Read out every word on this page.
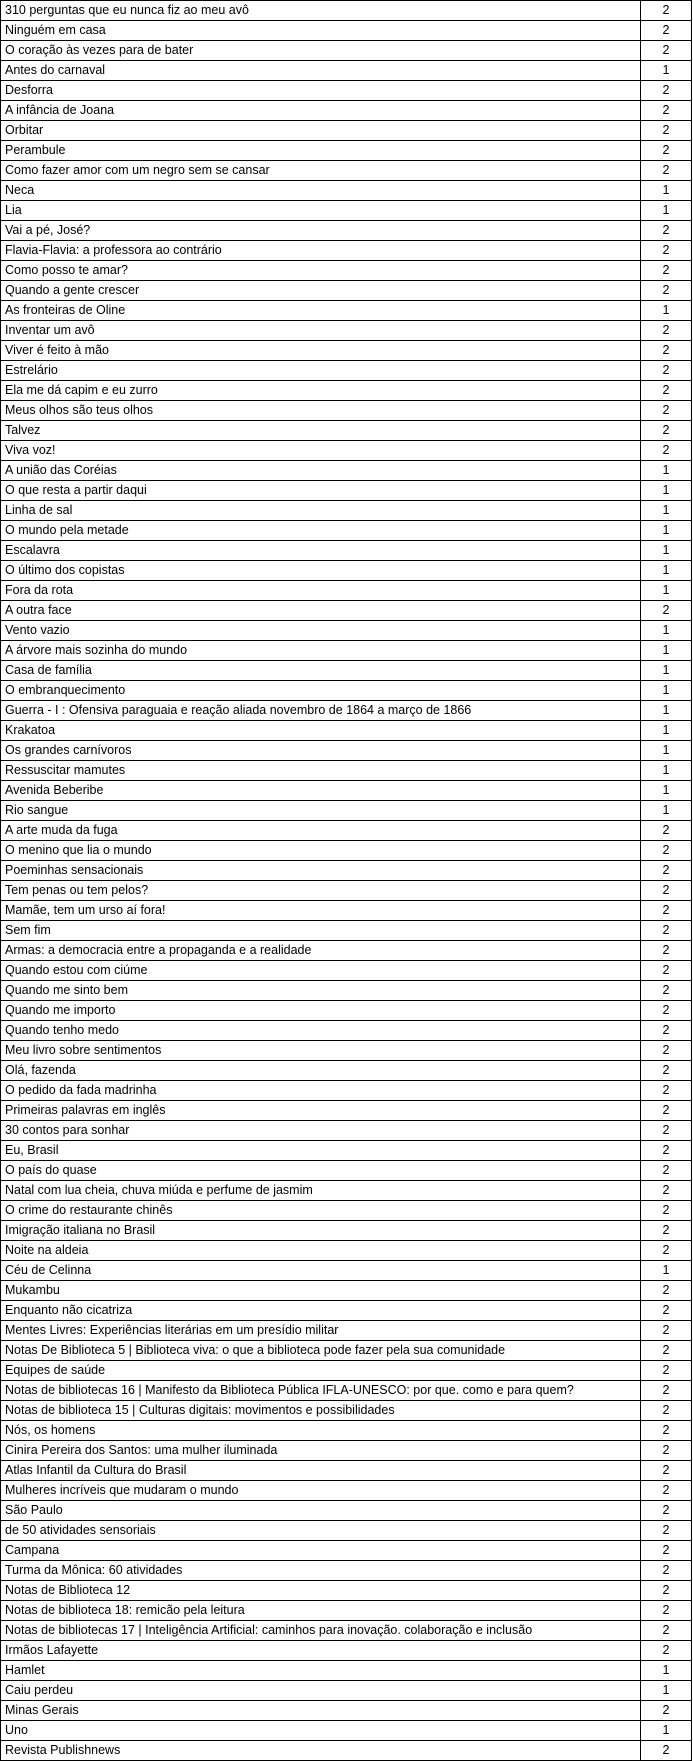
310 perguntas que eu nunca fiz ao meu avô	2
Ninguém em casa	2
O coração às vezes para de bater	2
Antes do carnaval	1
Desforra	2
A infância de Joana	2
Orbitar	2
Perambule	2
Como fazer amor com um negro sem se cansar	2
Neca	1
Lia	1
Vai a pé, José?	2
Flavia-Flavia: a professora ao contrário	2
Como posso te amar?	2
Quando a gente crescer	2
As fronteiras de Oline	1
Inventar um avô	2
Viver é feito à mão	2
Estrelário	2
Ela me dá capim e eu zurro	2
Meus olhos são teus olhos	2
Talvez	2
Viva voz!	2
A união das Coréias	1
O que resta a partir daqui	1
Linha de sal	1
O mundo pela metade	1
Escalavra	1
O último dos copistas	1
Fora da rota	1
A outra face	2
Vento vazio	1
A árvore mais sozinha do mundo	1
Casa de família	1
O embranquecimento	1
Guerra - I : Ofensiva paraguaia e reação aliada novembro de 1864 a março de 1866	1
Krakatoa	1
Os grandes carnívoros	1
Ressuscitar mamutes	1
Avenida Beberibe	1
Rio sangue	1
A arte muda da fuga	2
O menino que lia o mundo	2
Poeminhas sensacionais	2
Tem penas ou tem pelos?	2
Mamãe, tem um urso aí fora!	2
Sem fim	2
Armas: a democracia entre a propaganda e a realidade	2
Quando estou com ciúme	2
Quando me sinto bem	2
Quando me importo	2
Quando tenho medo	2
Meu livro sobre sentimentos	2
Olá, fazenda	2
O pedido da fada madrinha	2
Primeiras palavras em inglês	2
30 contos para sonhar	2
Eu, Brasil	2
O país do quase	2
Natal com lua cheia, chuva miúda e perfume de jasmim	2
O crime do restaurante chinês	2
Imigração italiana no Brasil	2
Noite na aldeia	2
Céu de Celinna	1
Mukambu	2
Enquanto não cicatriza	2
Mentes Livres: Experiências literárias em um presídio militar	2
Notas De Biblioteca 5 | Biblioteca viva: o que a biblioteca pode fazer pela sua comunidade	2
Equipes de saúde	2
Notas de bibliotecas 16 | Manifesto da Biblioteca Pública IFLA-UNESCO: por que. como e para quem?	2
Notas de biblioteca 15 | Culturas digitais: movimentos e possibilidades	2
Nós, os homens	2
Cinira Pereira dos Santos: uma mulher iluminada	2
Atlas Infantil da Cultura do Brasil	2
Mulheres incríveis que mudaram o mundo	2
São Paulo	2
de 50 atividades sensoriais	2
Campana	2
Turma da Mônica: 60 atividades	2
Notas de Biblioteca 12	2
Notas de biblioteca 18: remicão pela leitura	2
Notas de bibliotecas 17 | Inteligência Artificial: caminhos para inovação. colaboração e inclusão	2
Irmãos Lafayette	2
Hamlet	1
Caiu perdeu	1
Minas Gerais	2
Uno	1
Revista Publishnews	2
